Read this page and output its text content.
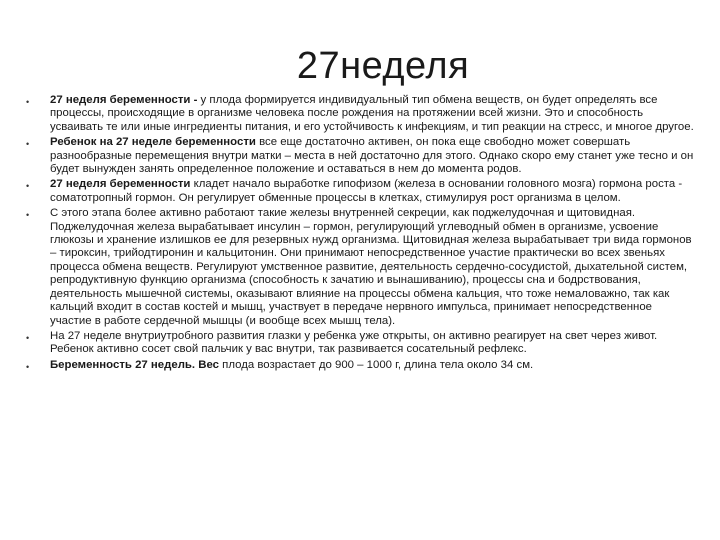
27неделя
• 27 неделя беременности - у плода формируется индивидуальный тип обмена веществ, он будет определять все процессы, происходящие в организме человека после рождения на протяжении всей жизни. Это и способность усваивать те или иные ингредиенты питания, и его устойчивость к инфекциям, и тип реакции на стресс, и многое другое.
• Ребенок на 27 неделе беременности все еще достаточно активен, он пока еще свободно может совершать разнообразные перемещения внутри матки – места в ней достаточно для этого. Однако скоро ему станет уже тесно и он будет вынужден занять определенное положение и оставаться в нем до момента родов.
• 27 неделя беременности кладет начало выработке гипофизом (железа в основании головного мозга) гормона роста - соматотропный гормон. Он регулирует обменные процессы в клетках, стимулируя рост организма в целом.
• С этого этапа более активно работают такие железы внутренней секреции, как поджелудочная и щитовидная. Поджелудочная железа вырабатывает инсулин – гормон, регулирующий углеводный обмен в организме, усвоение глюкозы и хранение излишков ее для резервных нужд организма. Щитовидная железа вырабатывает три вида гормонов – тироксин, трийодтиронин и кальцитонин. Они принимают непосредственное участие практически во всех звеньях процесса обмена веществ. Регулируют умственное развитие, деятельность сердечно-сосудистой, дыхательной систем, репродуктивную функцию организма (способность к зачатию и вынашиванию), процессы сна и бодрствования, деятельность мышечной системы, оказывают влияние на процессы обмена кальция, что тоже немаловажно, так как кальций входит в состав костей и мышц, участвует в передаче нервного импульса, принимает непосредственное участие в работе сердечной мышцы (и вообще всех мышц тела).
• На 27 неделе внутриутробного развития глазки у ребенка уже открыты, он активно реагирует на свет через живот. Ребенок активно сосет свой пальчик у вас внутри, так развивается сосательный рефлекс.
• Беременность 27 недель. Вес плода возрастает до 900 – 1000 г, длина тела около 34 см.
